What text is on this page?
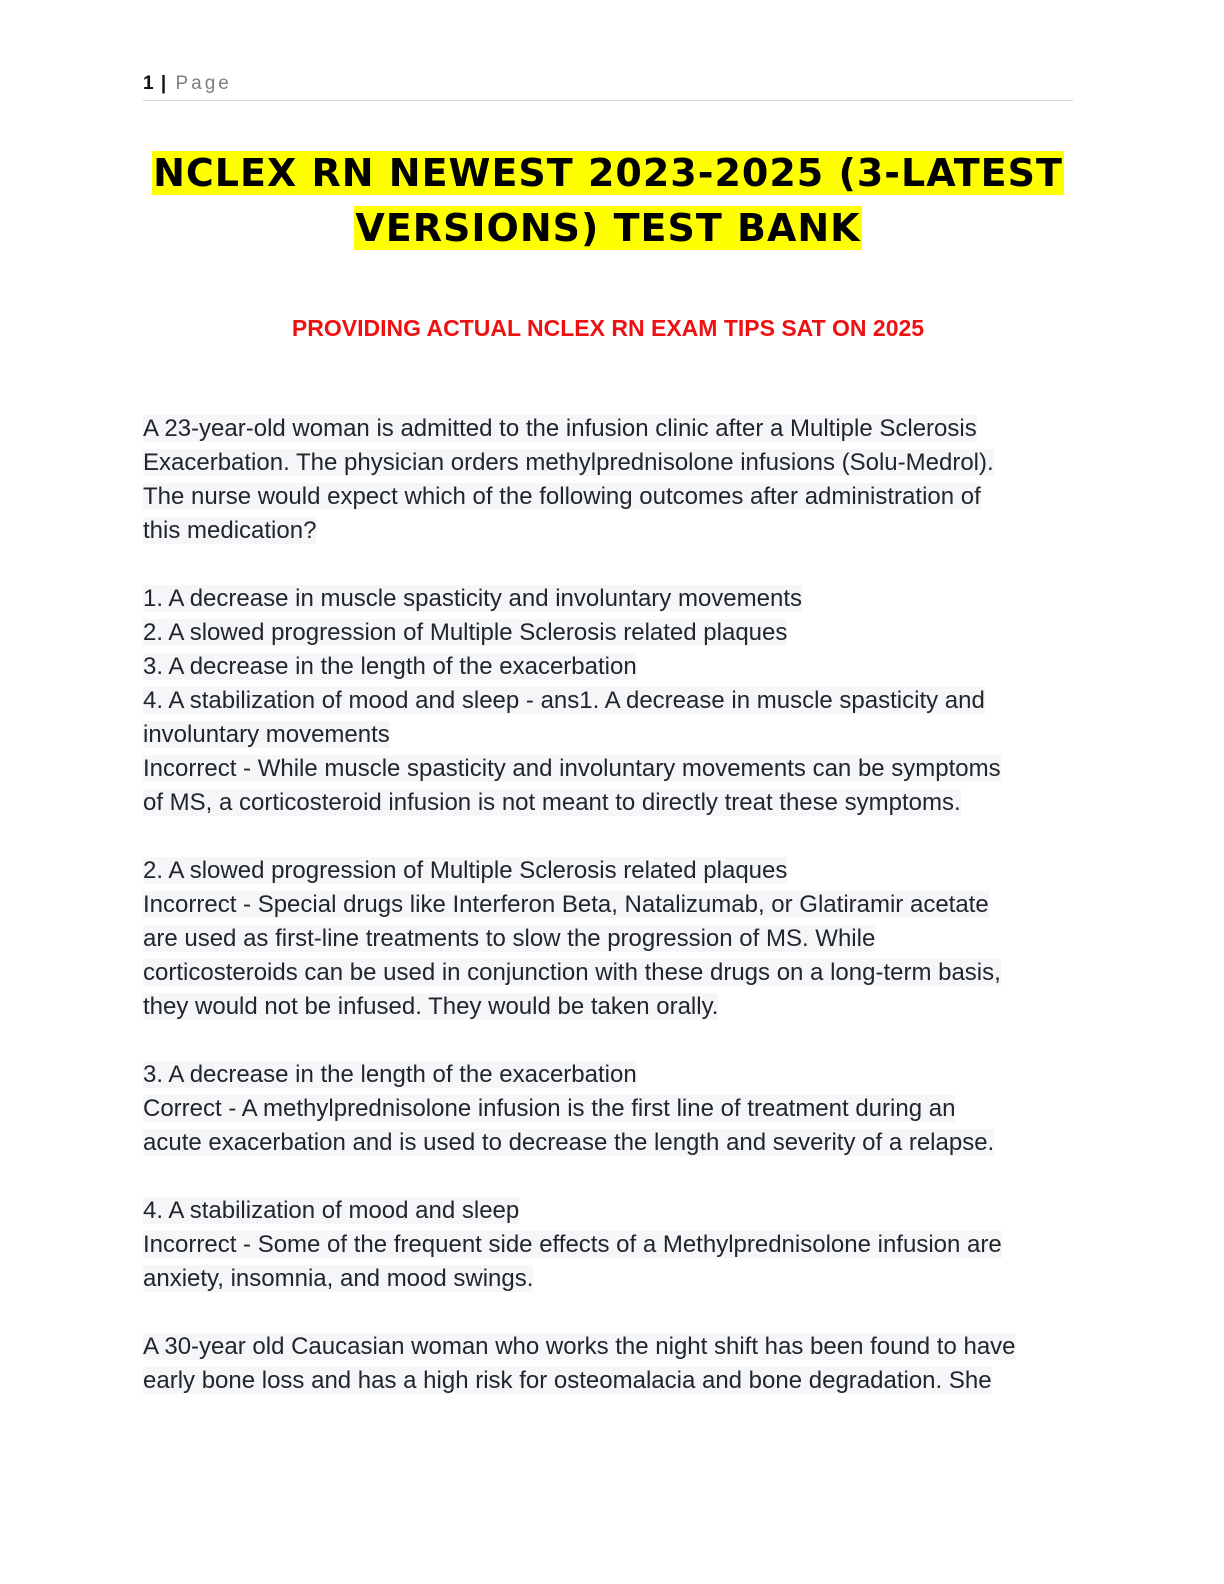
1 | Page
NCLEX RN NEWEST 2023-2025 (3-LATEST
VERSIONS) TEST BANK
PROVIDING ACTUAL NCLEX RN EXAM TIPS SAT ON 2025
A 23-year-old woman is admitted to the infusion clinic after a Multiple Sclerosis
Exacerbation. The physician orders methylprednisolone infusions (Solu-Medrol).
The nurse would expect which of the following outcomes after administration of
this medication?
1. A decrease in muscle spasticity and involuntary movements
2. A slowed progression of Multiple Sclerosis related plaques
3. A decrease in the length of the exacerbation
4. A stabilization of mood and sleep - ans1. A decrease in muscle spasticity and
involuntary movements
Incorrect - While muscle spasticity and involuntary movements can be symptoms
of MS, a corticosteroid infusion is not meant to directly treat these symptoms.
2. A slowed progression of Multiple Sclerosis related plaques
Incorrect - Special drugs like Interferon Beta, Natalizumab, or Glatiramir acetate
are used as first-line treatments to slow the progression of MS. While
corticosteroids can be used in conjunction with these drugs on a long-term basis,
they would not be infused. They would be taken orally.
3. A decrease in the length of the exacerbation
Correct - A methylprednisolone infusion is the first line of treatment during an
acute exacerbation and is used to decrease the length and severity of a relapse.
4. A stabilization of mood and sleep
Incorrect - Some of the frequent side effects of a Methylprednisolone infusion are
anxiety, insomnia, and mood swings.
A 30-year old Caucasian woman who works the night shift has been found to have
early bone loss and has a high risk for osteomalacia and bone degradation. She
